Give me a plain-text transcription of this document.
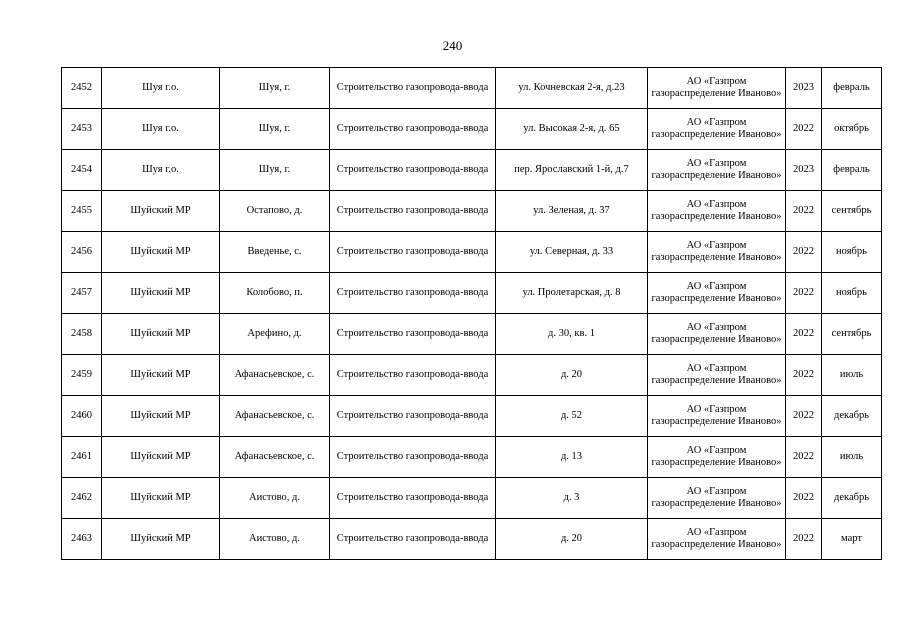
240
2452	Шуя г.о.	Шуя, г.	Строительство газопровода-ввода	ул. Кочневская 2-я, д.23	АО «Газпром газораспределение Иваново»	2023	февраль
2453	Шуя г.о.	Шуя, г.	Строительство газопровода-ввода	ул. Высокая 2-я, д. 65	АО «Газпром газораспределение Иваново»	2022	октябрь
2454	Шуя г.о.	Шуя, г.	Строительство газопровода-ввода	пер. Ярославский 1-й, д.7	АО «Газпром газораспределение Иваново»	2023	февраль
2455	Шуйский МР	Остапово, д.	Строительство газопровода-ввода	ул. Зеленая, д. 37	АО «Газпром газораспределение Иваново»	2022	сентябрь
2456	Шуйский МР	Введенье, с.	Строительство газопровода-ввода	ул. Северная, д. 33	АО «Газпром газораспределение Иваново»	2022	ноябрь
2457	Шуйский МР	Колобово, п.	Строительство газопровода-ввода	ул. Пролетарская, д. 8	АО «Газпром газораспределение Иваново»	2022	ноябрь
2458	Шуйский МР	Арефино, д.	Строительство газопровода-ввода	д. 30, кв. 1	АО «Газпром газораспределение Иваново»	2022	сентябрь
2459	Шуйский МР	Афанасьевское, с.	Строительство газопровода-ввода	д. 20	АО «Газпром газораспределение Иваново»	2022	июль
2460	Шуйский МР	Афанасьевское, с.	Строительство газопровода-ввода	д. 52	АО «Газпром газораспределение Иваново»	2022	декабрь
2461	Шуйский МР	Афанасьевское, с.	Строительство газопровода-ввода	д. 13	АО «Газпром газораспределение Иваново»	2022	июль
2462	Шуйский МР	Аистово, д.	Строительство газопровода-ввода	д. 3	АО «Газпром газораспределение Иваново»	2022	декабрь
2463	Шуйский МР	Аистово, д.	Строительство газопровода-ввода	д. 20	АО «Газпром газораспределение Иваново»	2022	март
